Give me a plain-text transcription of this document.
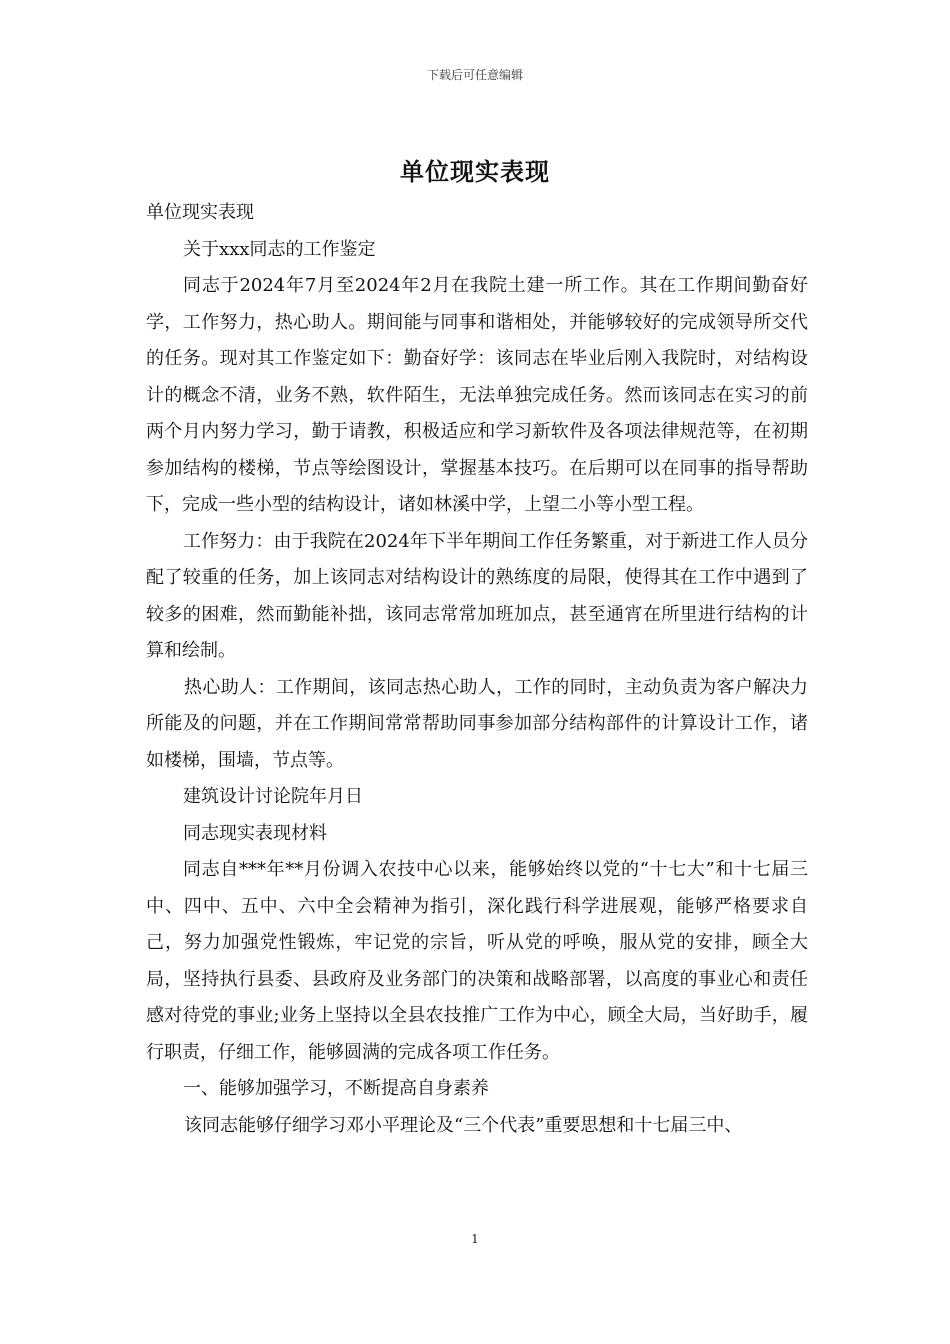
下载后可任意编辑
单位现实表现

单位现实表现

关于xxx同志的工作鉴定

同志于2024年7月至2024年2月在我院土建一所工作。其在工作期间勤奋好学，工作努力，热心助人。期间能与同事和谐相处，并能够较好的完成领导所交代的任务。现对其工作鉴定如下：勤奋好学：该同志在毕业后刚入我院时，对结构设计的概念不清，业务不熟，软件陌生，无法单独完成任务。然而该同志在实习的前两个月内努力学习，勤于请教，积极适应和学习新软件及各项法律规范等，在初期参加结构的楼梯，节点等绘图设计，掌握基本技巧。在后期可以在同事的指导帮助下，完成一些小型的结构设计，诸如林溪中学，上望二小等小型工程。

工作努力：由于我院在2024年下半年期间工作任务繁重，对于新进工作人员分配了较重的任务，加上该同志对结构设计的熟练度的局限，使得其在工作中遇到了较多的困难，然而勤能补拙，该同志常常加班加点，甚至通宵在所里进行结构的计算和绘制。

热心助人：工作期间，该同志热心助人，工作的同时，主动负责为客户解决力所能及的问题，并在工作期间常常帮助同事参加部分结构部件的计算设计工作，诸如楼梯，围墙，节点等。

建筑设计讨论院年月日

同志现实表现材料

同志自***年**月份调入农技中心以来，能够始终以党的“十七大”和十七届三中、四中、五中、六中全会精神为指引，深化践行科学进展观，能够严格要求自己，努力加强党性锻炼，牢记党的宗旨，听从党的呼唤，服从党的安排，顾全大局，坚持执行县委、县政府及业务部门的决策和战略部署，以高度的事业心和责任感对待党的事业;业务上坚持以全县农技推广工作为中心，顾全大局，当好助手，履行职责，仔细工作，能够圆满的完成各项工作任务。

一、能够加强学习，不断提高自身素养

该同志能够仔细学习邓小平理论及“三个代表”重要思想和十七届三中、

1
